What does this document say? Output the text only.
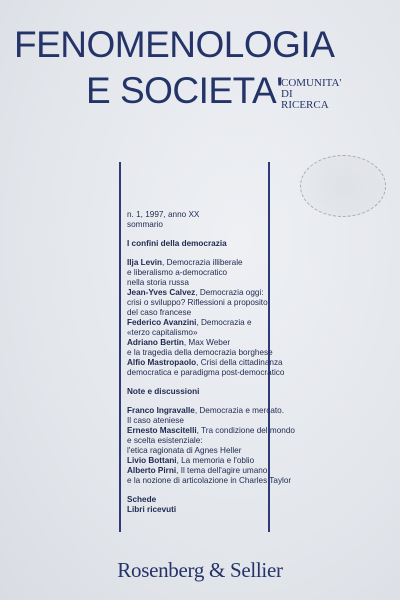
FENOMENOLOGIA
E SOCIETA'
COMUNITA'
DI
RICERCA
n. 1, 1997, anno XX
sommario
I confini della democrazia
Ilja Levin, Democrazia illiberale
e liberalismo a-democratico
nella storia russa
Jean-Yves Calvez, Democrazia oggi:
crisi o sviluppo? Riflessioni a proposito
del caso francese
Federico Avanzini, Democrazia e
«terzo capitalismo»
Adriano Bertin, Max Weber
e la tragedia della democrazia borghese
Alfio Mastropaolo, Crisi della cittadinanza
democratica e paradigma post-democratico
Note e discussioni
Franco Ingravalle, Democrazia e mercato.
Il caso ateniese
Ernesto Mascitelli, Tra condizione del mondo
e scelta esistenziale:
l'etica ragionata di Agnes Heller
Livio Bottani, La memoria e l'oblio
Alberto Pirni, Il tema dell'agire umano
e la nozione di articolazione in Charles Taylor
Schede
Libri ricevuti
Rosenberg & Sellier
